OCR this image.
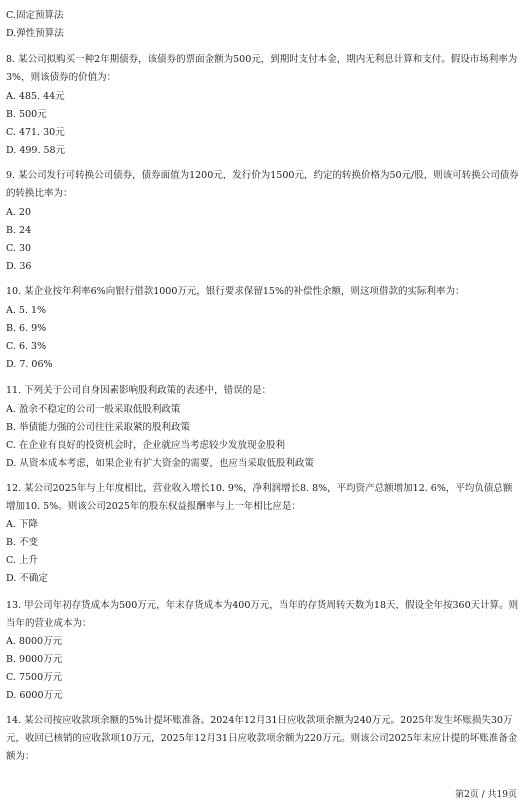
C.固定预算法
D.弹性预算法
8. 某公司拟购买一种2年期债券，该债券的票面金额为500元，到期时支付本金，期内无利息计算和支付。假设市场利率为3%，则该债券的价值为：
A. 485. 44元
B. 500元
C. 471. 30元
D. 499. 58元
9. 某公司发行可转换公司债券，债券面值为1200元，发行价为1500元，约定的转换价格为50元/股，则该可转换公司债券的转换比率为：
A. 20
B. 24
C. 30
D. 36
10. 某企业按年利率6%向银行借款1000万元，银行要求保留15%的补偿性余额，则这项借款的实际利率为：
A. 5. 1%
B. 6. 9%
C. 6. 3%
D. 7. 06%
11. 下列关于公司自身因素影响股利政策的表述中，错误的是：
A. 盈余不稳定的公司一般采取低股利政策
B. 举债能力强的公司往往采取紧的股利政策
C. 在企业有良好的投资机会时，企业就应当考虑较少发放现金股利
D. 从资本成本考虑，如果企业有扩大资金的需要，也应当采取低股利政策
12. 某公司2025年与上年度相比，营业收入增长10. 9%，净利润增长8. 8%，平均资产总额增加12. 6%，平均负债总额增加10. 5%。则该公司2025年的股东权益报酬率与上一年相比应是：
A. 下降
B. 不变
C. 上升
D. 不确定
13. 甲公司年初存货成本为500万元，年末存货成本为400万元，当年的存货周转天数为18天，假设全年按360天计算。则当年的营业成本为：
A. 8000万元
B. 9000万元
C. 7500万元
D. 6000万元
14. 某公司按应收款项余额的5%计提坏账准备。2024年12月31日应收款项余额为240万元。2025年发生坏账损失30万元，收回已核销的应收款项10万元，2025年12月31日应收款项余额为220万元。则该公司2025年末应计提的坏账准备金额为：
第2页 / 共19页
